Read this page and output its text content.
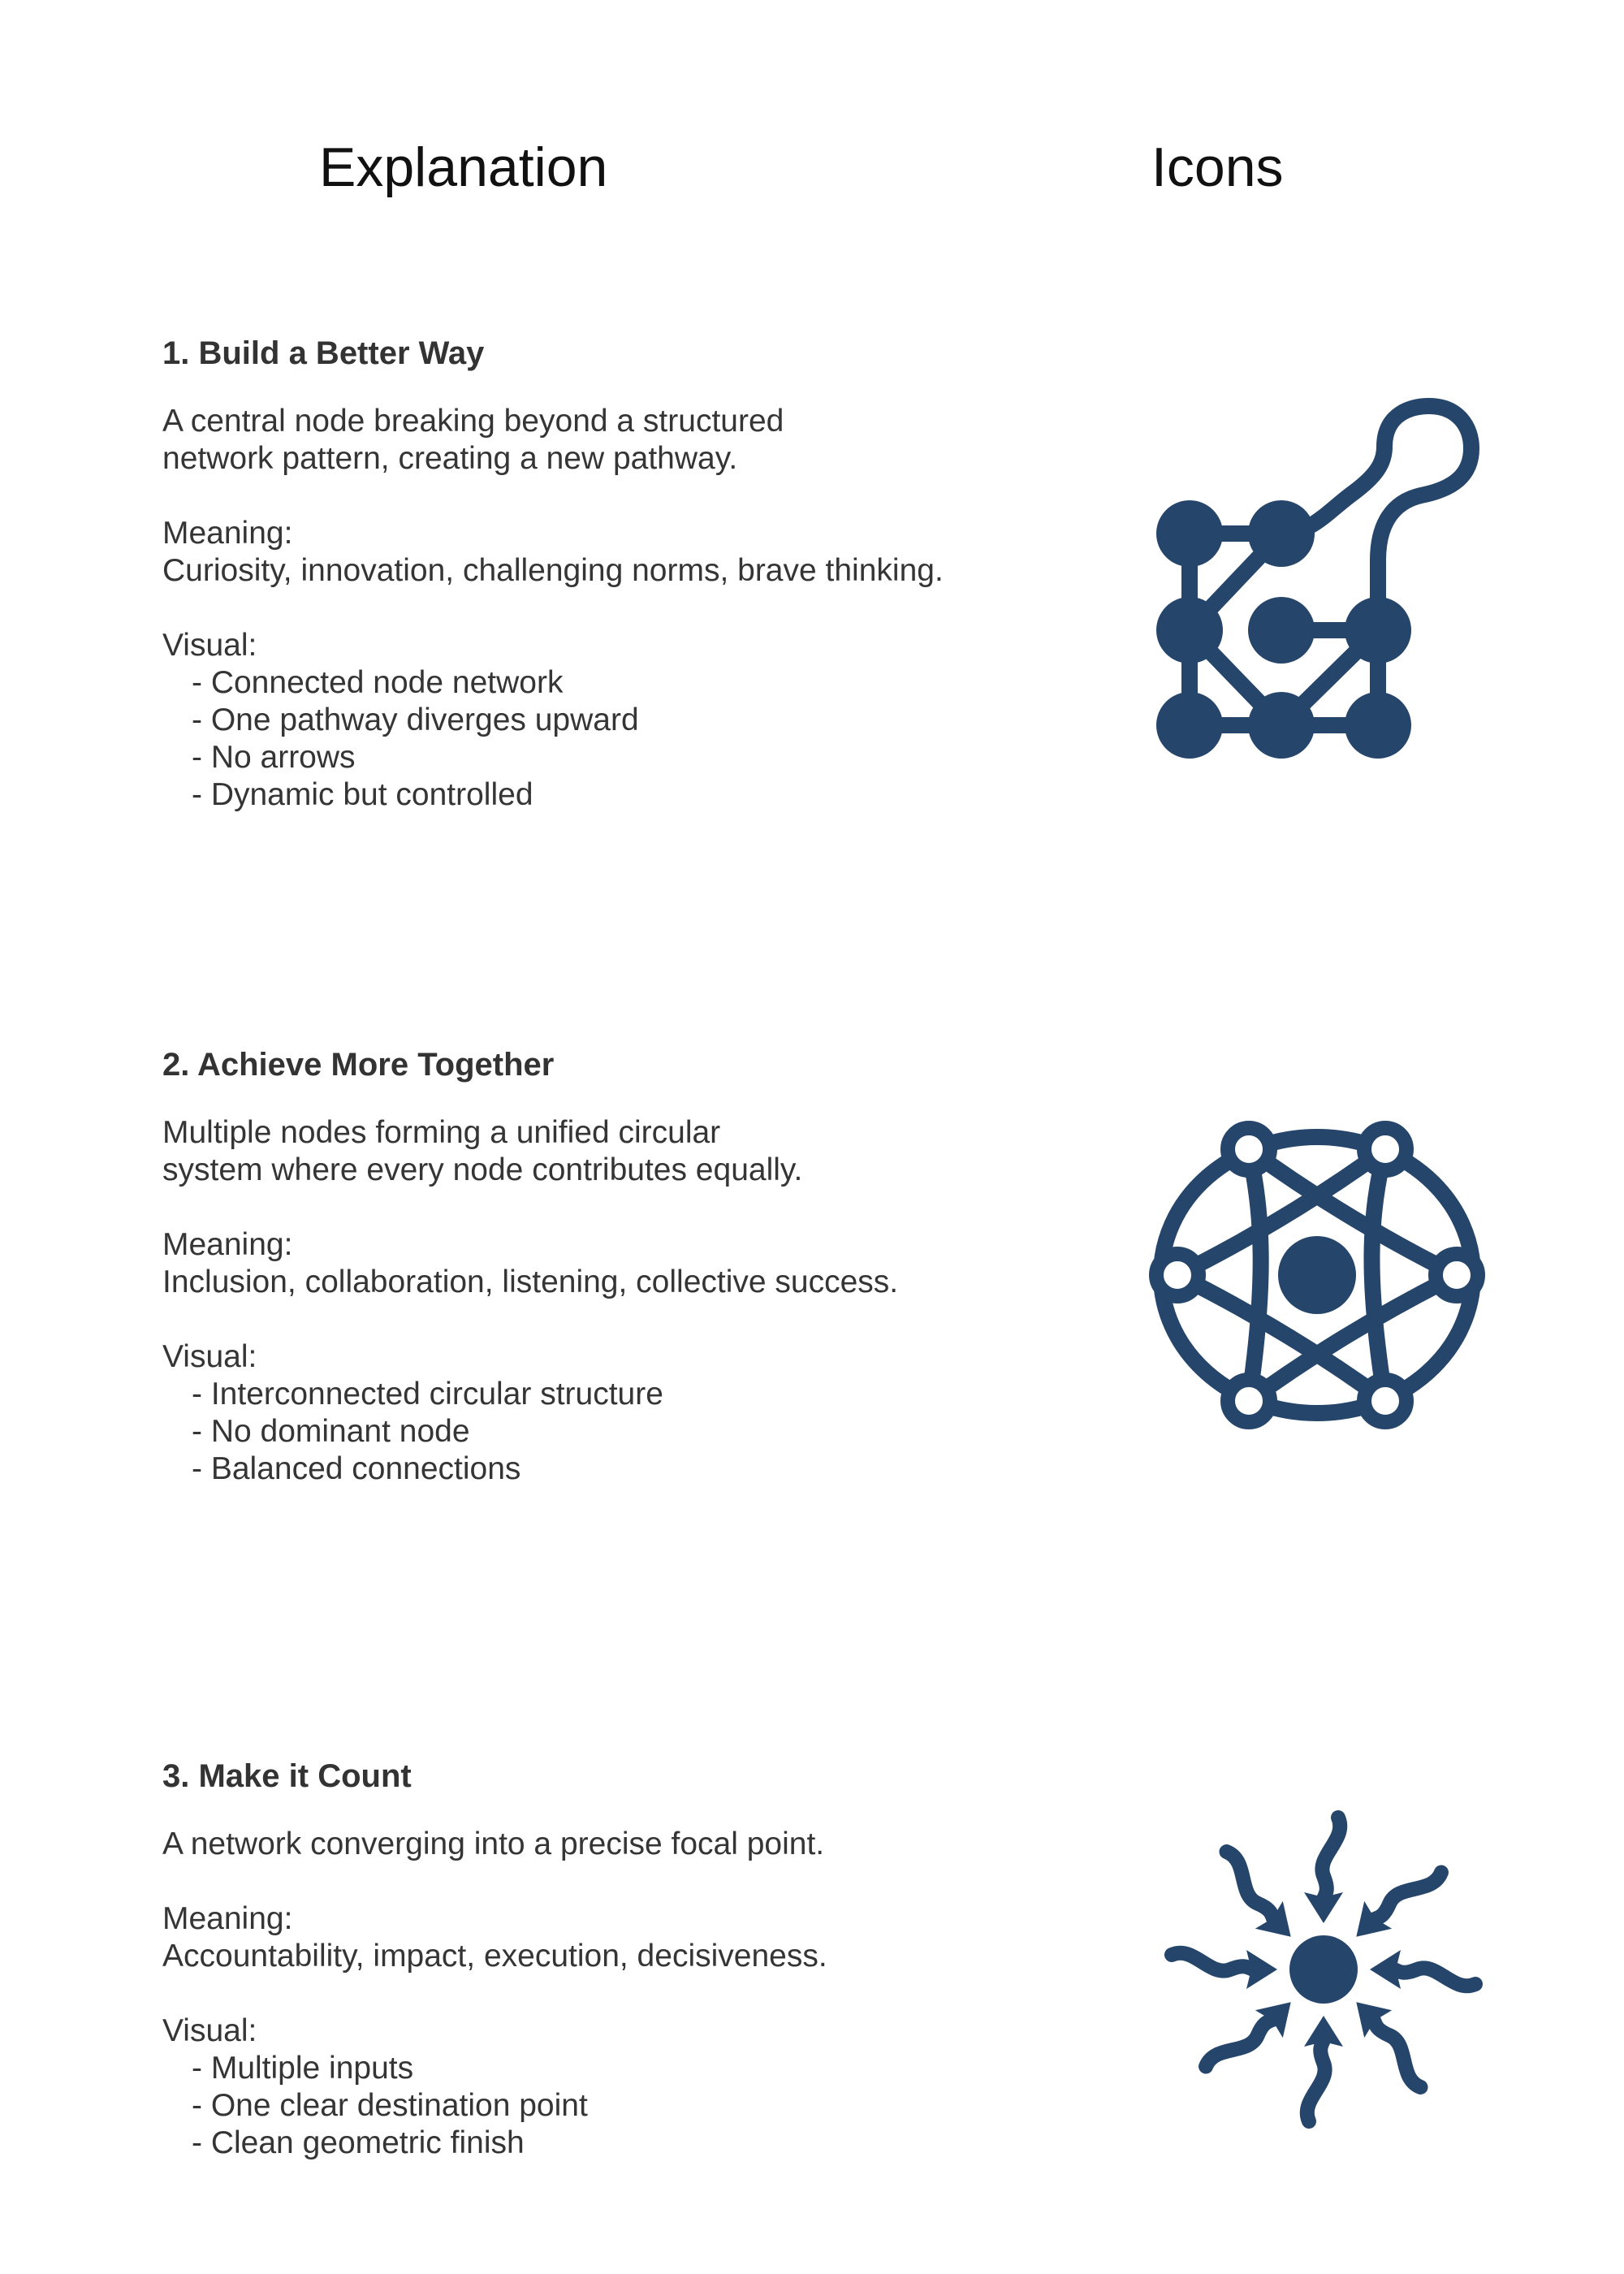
Explanation	Icons
1. Build a Better Way

A central node breaking beyond a structured
network pattern, creating a new pathway.

Meaning:
Curiosity, innovation, challenging norms, brave thinking.

Visual:
- Connected node network
- One pathway diverges upward
- No arrows
- Dynamic but controlled
2. Achieve More Together

Multiple nodes forming a unified circular
system where every node contributes equally.

Meaning:
Inclusion, collaboration, listening, collective success.

Visual:
- Interconnected circular structure
- No dominant node
- Balanced connections
3. Make it Count

A network converging into a precise focal point.

Meaning:
Accountability, impact, execution, decisiveness.

Visual:
- Multiple inputs
- One clear destination point
- Clean geometric finish
